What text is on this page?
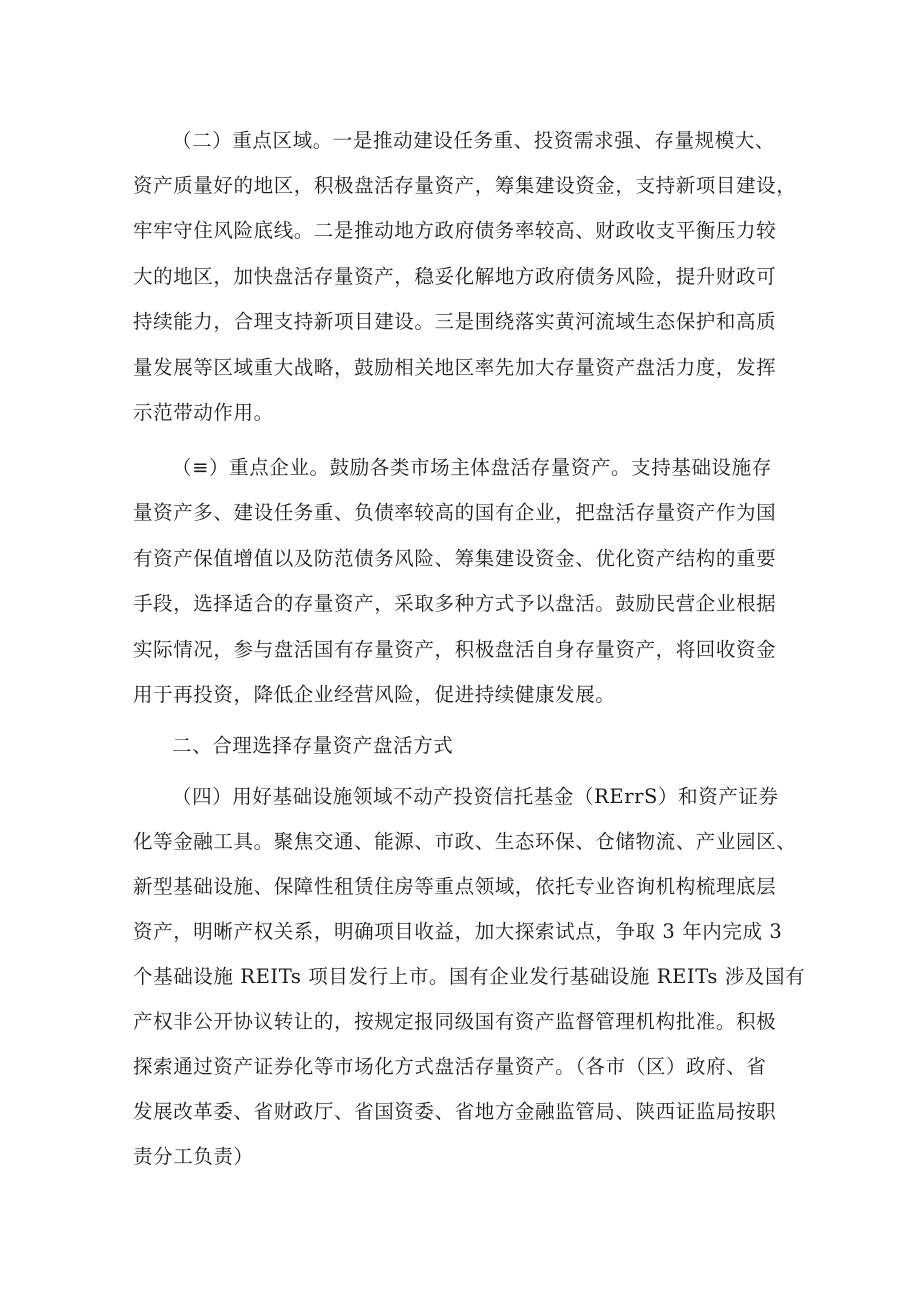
（二）重点区域。一是推动建设任务重、投资需求强、存量规模大、
资产质量好的地区，积极盘活存量资产，筹集建设资金，支持新项目建设，
牢牢守住风险底线。二是推动地方政府债务率较高、财政收支平衡压力较
大的地区，加快盘活存量资产，稳妥化解地方政府债务风险，提升财政可
持续能力，合理支持新项目建设。三是围绕落实黄河流域生态保护和高质
量发展等区域重大战略，鼓励相关地区率先加大存量资产盘活力度，发挥
示范带动作用。
（≡）重点企业。鼓励各类市场主体盘活存量资产。支持基础设施存
量资产多、建设任务重、负债率较高的国有企业，把盘活存量资产作为国
有资产保值增值以及防范债务风险、筹集建设资金、优化资产结构的重要
手段，选择适合的存量资产，采取多种方式予以盘活。鼓励民营企业根据
实际情况，参与盘活国有存量资产，积极盘活自身存量资产，将回收资金
用于再投资，降低企业经营风险，促进持续健康发展。
二、合理选择存量资产盘活方式
（四）用好基础设施领域不动产投资信托基金（RErrS）和资产证券
化等金融工具。聚焦交通、能源、市政、生态环保、仓储物流、产业园区、
新型基础设施、保障性租赁住房等重点领域，依托专业咨询机构梳理底层
资产，明晰产权关系，明确项目收益，加大探索试点，争取 3 年内完成 3
个基础设施 REITs 项目发行上市。国有企业发行基础设施 REITs 涉及国有
产权非公开协议转让的，按规定报同级国有资产监督管理机构批准。积极
探索通过资产证券化等市场化方式盘活存量资产。（各市（区）政府、省
发展改革委、省财政厅、省国资委、省地方金融监管局、陕西证监局按职
责分工负责）
